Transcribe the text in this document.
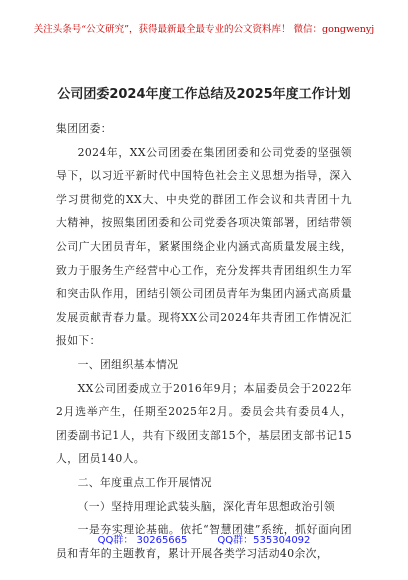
关注头条号“公文研究”，获得最新最全最专业的公文资料库！ 微信：gongwenyj
公司团委2024年度工作总结及2025年度工作计划

集团团委：

2024年，XX公司团委在集团团委和公司党委的坚强领导下，以习近平新时代中国特色社会主义思想为指导，深入学习贯彻党的XX大、中央党的群团工作会议和共青团十九大精神，按照集团团委和公司党委各项决策部署，团结带领公司广大团员青年，紧紧围绕企业内涵式高质量发展主线，致力于服务生产经营中心工作，充分发挥共青团组织生力军和突击队作用，团结引领公司团员青年为集团内涵式高质量发展贡献青春力量。现将XX公司2024年共青团工作情况汇报如下：

一、团组织基本情况

XX公司团委成立于2016年9月；本届委员会于2022年2月选举产生，任期至2025年2月。委员会共有委员4人，团委副书记1人，共有下级团支部15个，基层团支部书记15人，团员140人。

二、年度重点工作开展情况

（一）坚持用理论武装头脑，深化青年思想政治引领

一是夯实理论基础。依托“智慧团建”系统，抓好面向团员和青年的主题教育，累计开展各类学习活动40余次，

QQ群： 30265665	QQ群：535304092
